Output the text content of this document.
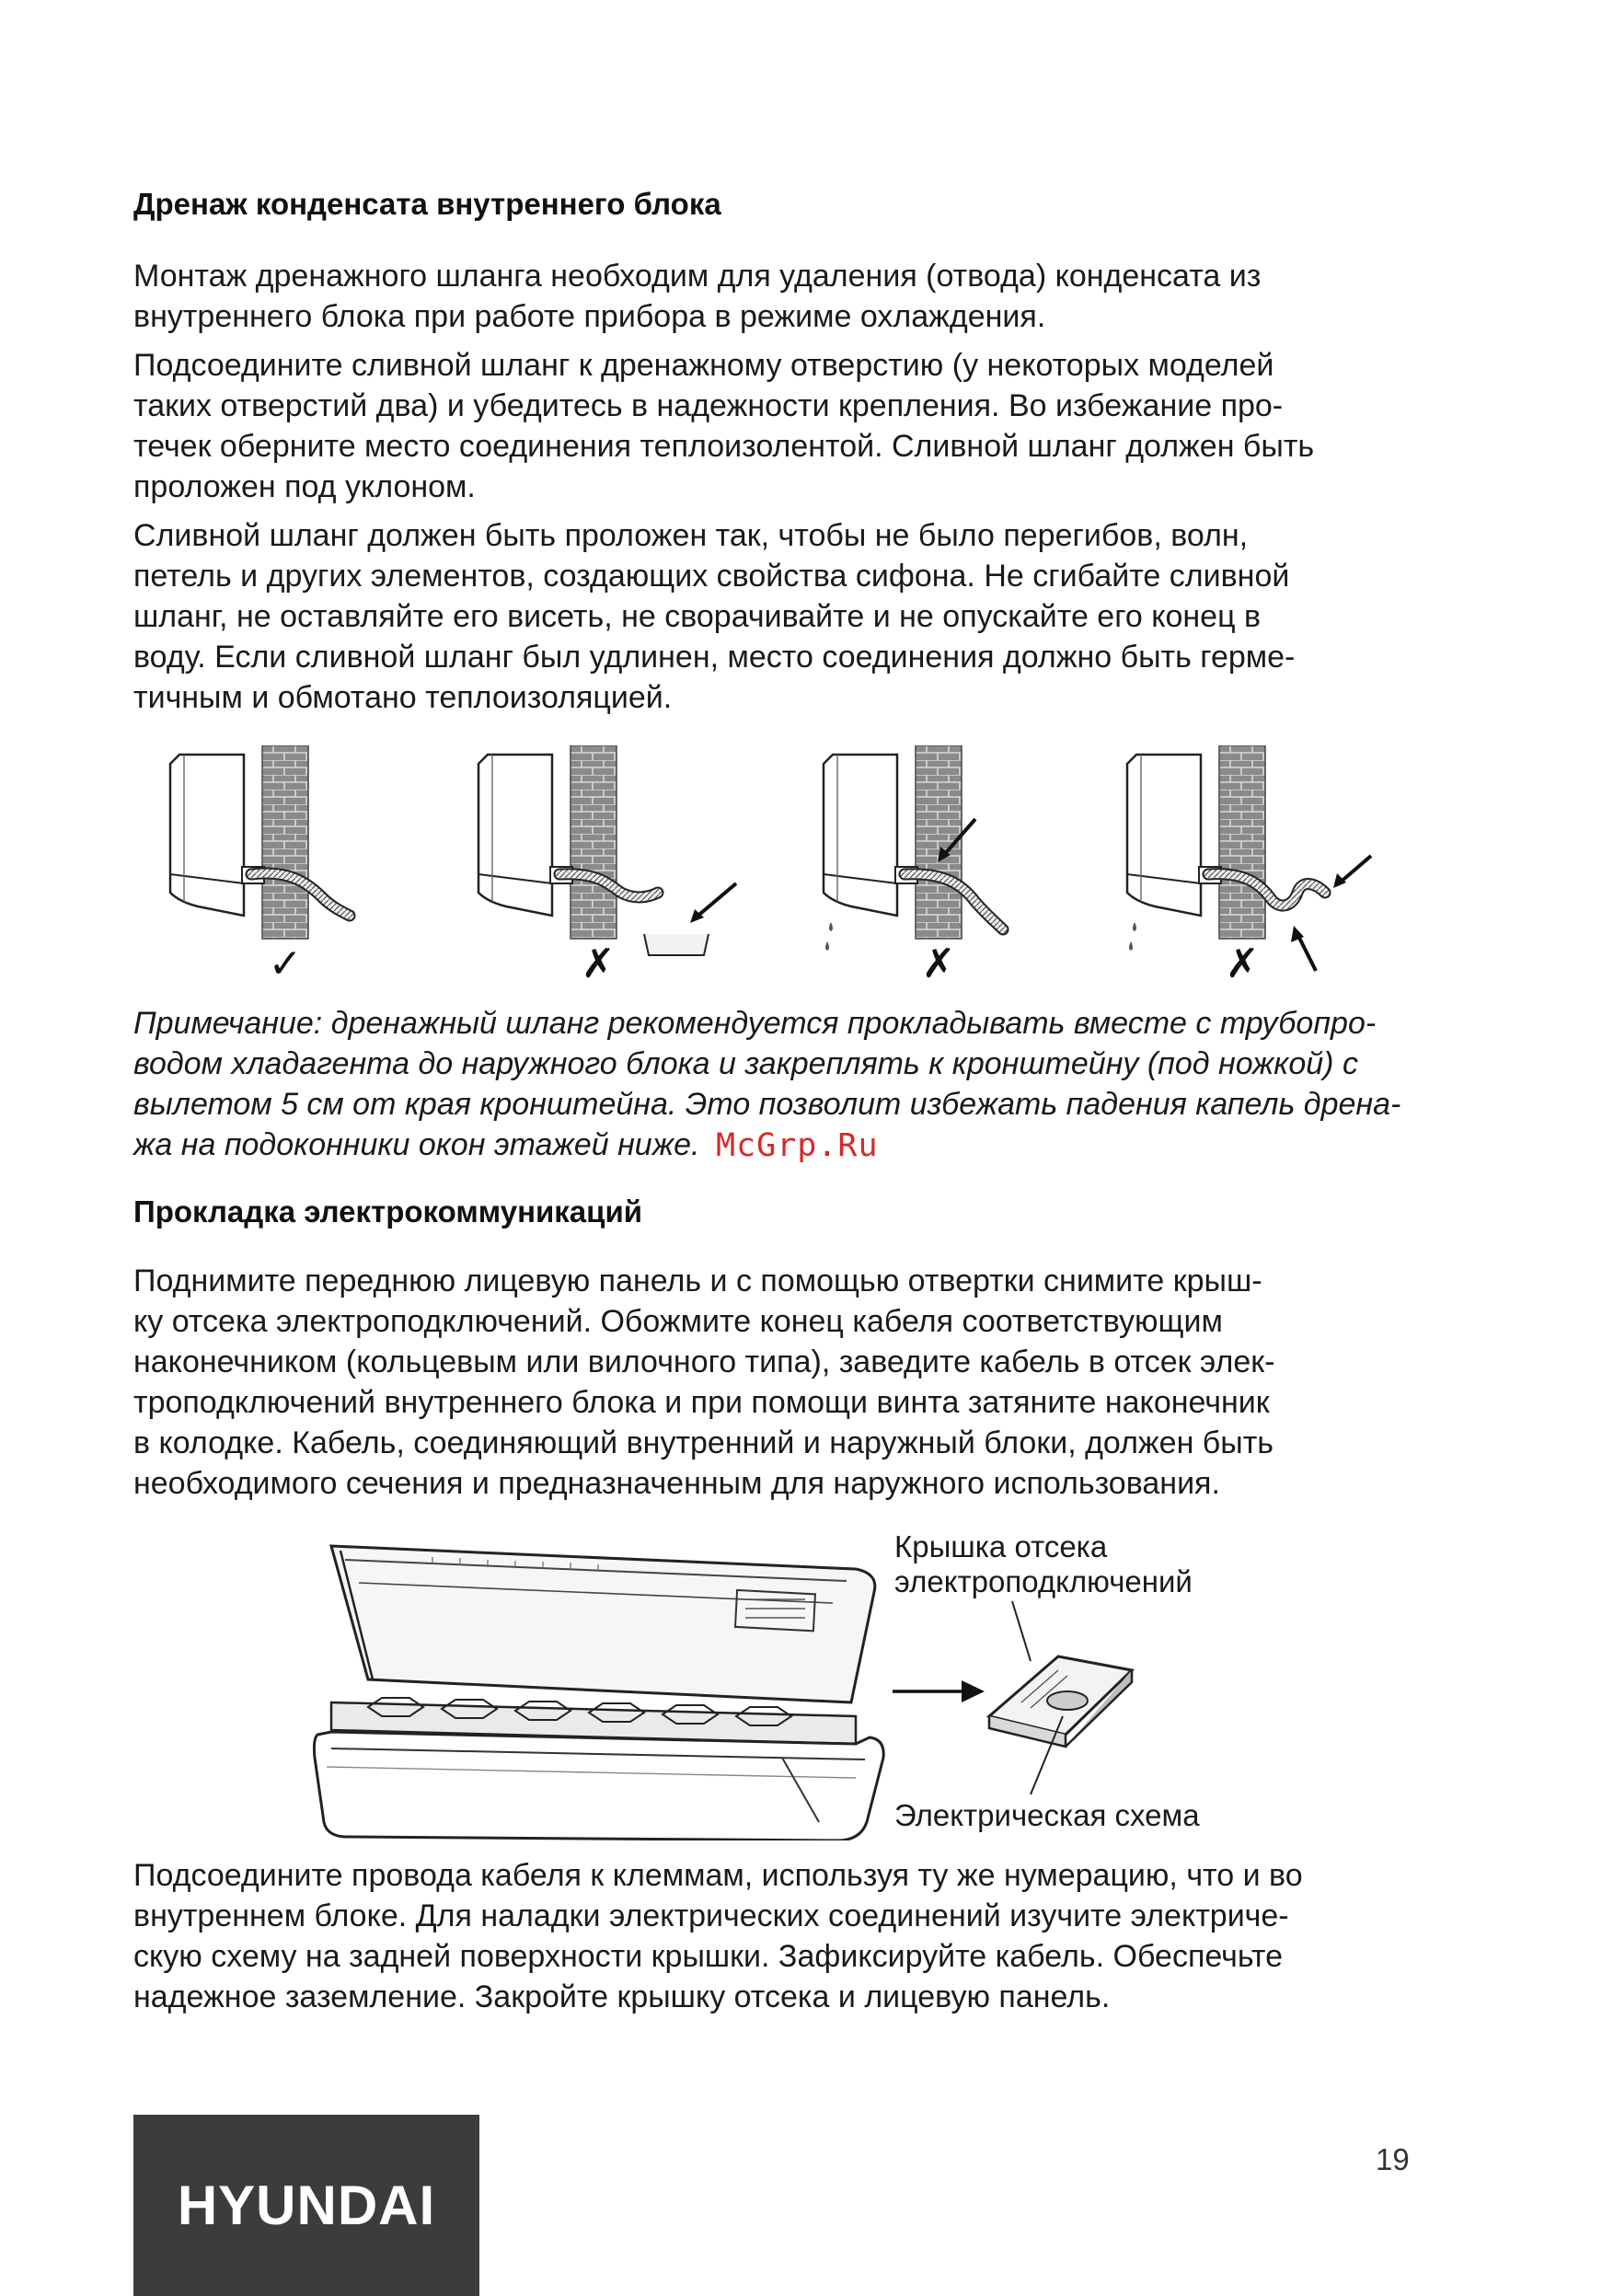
Дренаж конденсата внутреннего блока

Монтаж дренажного шланга необходим для удаления (отвода) конденсата из
внутреннего блока при работе прибора в режиме охлаждения.

Подсоедините сливной шланг к дренажному отверстию (у некоторых моделей
таких отверстий два) и убедитесь в надежности крепления. Во избежание про-
течек оберните место соединения теплоизолентой. Сливной шланг должен быть
проложен под уклоном.

Сливной шланг должен быть проложен так, чтобы не было перегибов, волн,
петель и других элементов, создающих свойства сифона. Не сгибайте сливной
шланг, не оставляйте его висеть, не сворачивайте и не опускайте его конец в
воду. Если сливной шланг был удлинен, место соединения должно быть герме-
тичным и обмотано теплоизоляцией.

✓	✗	✗	✗

Примечание: дренажный шланг рекомендуется прокладывать вместе с трубопро-
водом хладагента до наружного блока и закреплять к кронштейну (под ножкой) с
вылетом 5 см от края кронштейна. Это позволит избежать падения капель дрена-
жа на подоконники окон этажей ниже. McGrp.Ru
Прокладка электрокоммуникаций

Поднимите переднюю лицевую панель и с помощью отвертки снимите крыш-
ку отсека электроподключений. Обожмите конец кабеля соответствующим
наконечником (кольцевым или вилочного типа), заведите кабель в отсек элек-
троподключений внутреннего блока и при помощи винта затяните наконечник
в колодке. Кабель, соединяющий внутренний и наружный блоки, должен быть
необходимого сечения и предназначенным для наружного использования.

Крышка отсека
электроподключений
Электрическая схема

Подсоедините провода кабеля к клеммам, используя ту же нумерацию, что и во
внутреннем блоке. Для наладки электрических соединений изучите электриче-
скую схему на задней поверхности крышки. Зафиксируйте кабель. Обеспечьте
надежное заземление. Закройте крышку отсека и лицевую панель.

HYUNDAI
19
